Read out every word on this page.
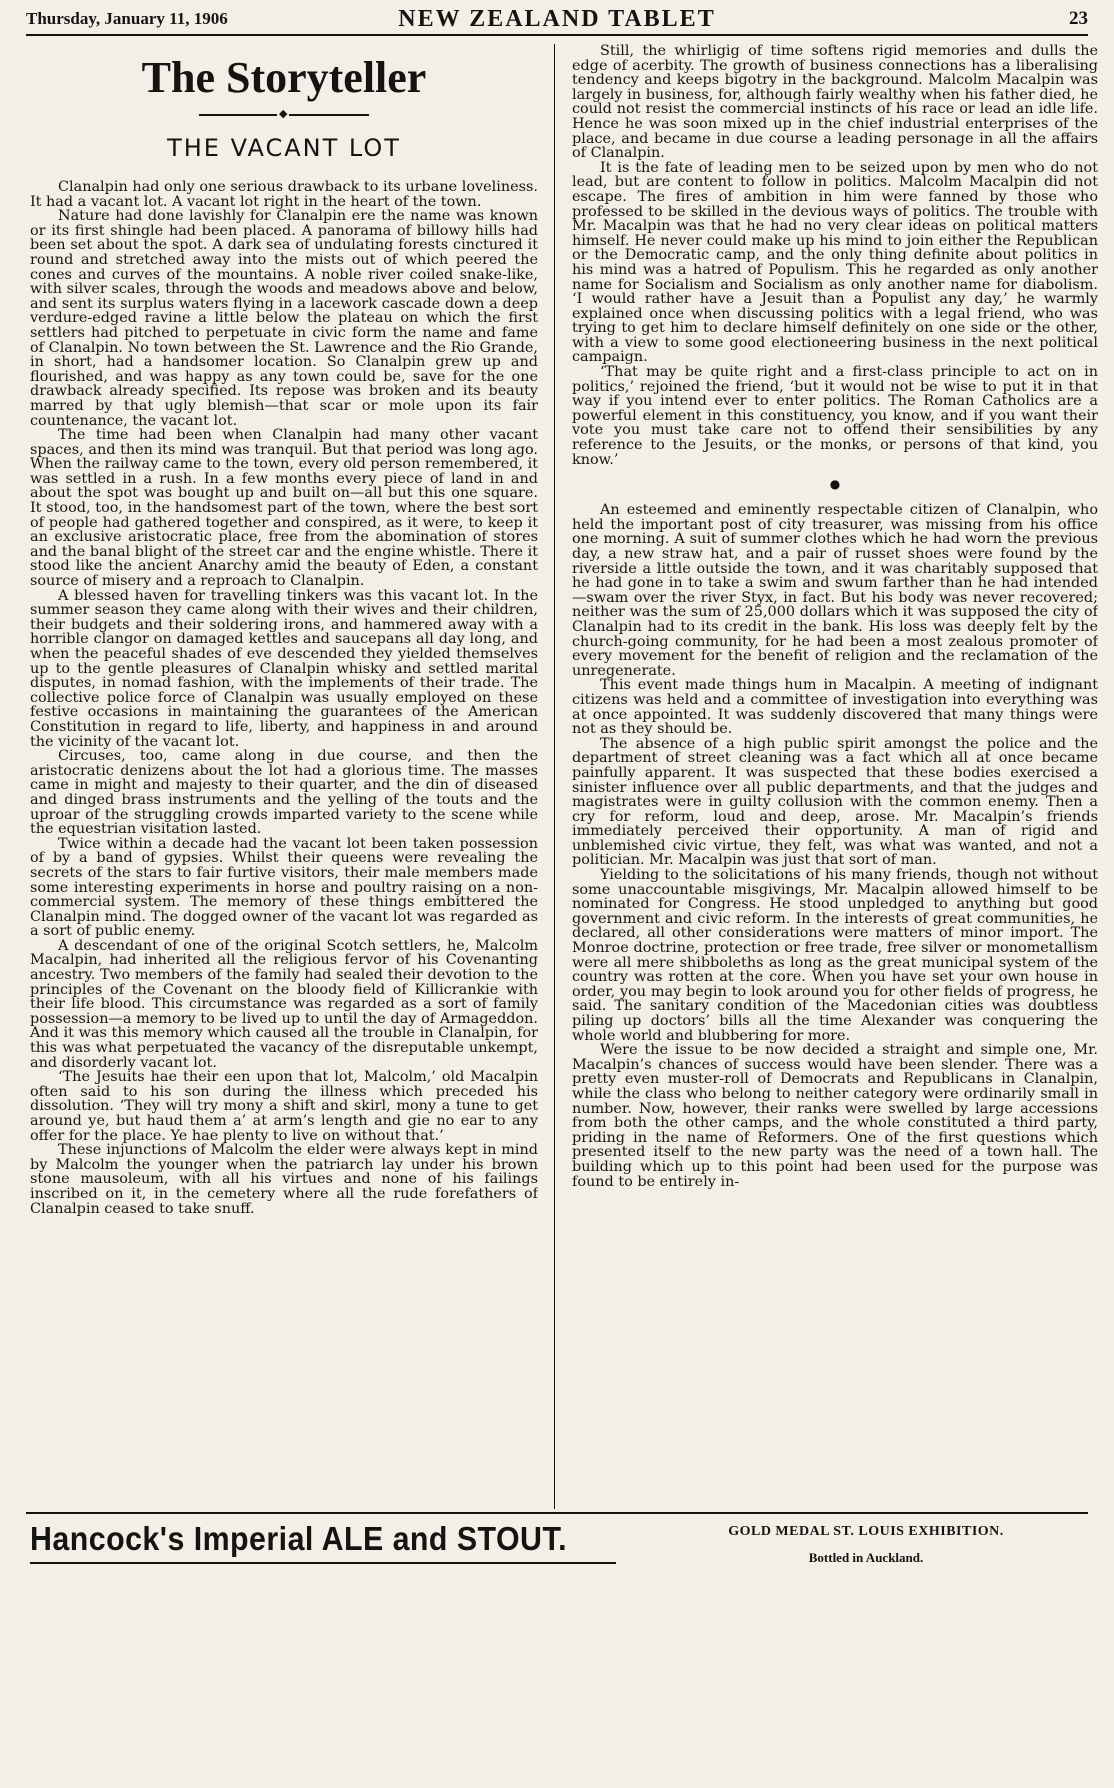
Thursday, January 11, 1906	NEW ZEALAND TABLET	23
The Storyteller
◆
THE VACANT LOT

Clanalpin had only one serious drawback to its urbane loveliness. It had a vacant lot. A vacant lot right in the heart of the town.

Nature had done lavishly for Clanalpin ere the name was known or its first shingle had been placed. A panorama of billowy hills had been set about the spot. A dark sea of undulating forests cinctured it round and stretched away into the mists out of which peered the cones and curves of the mountains. A noble river coiled snake-like, with silver scales, through the woods and meadows above and below, and sent its surplus waters flying in a lacework cascade down a deep verdure-edged ravine a little below the plateau on which the first settlers had pitched to perpetuate in civic form the name and fame of Clanalpin. No town between the St. Lawrence and the Rio Grande, in short, had a handsomer location. So Clanalpin grew up and flourished, and was happy as any town could be, save for the one drawback already specified. Its repose was broken and its beauty marred by that ugly blemish—that scar or mole upon its fair countenance, the vacant lot.

The time had been when Clanalpin had many other vacant spaces, and then its mind was tranquil. But that period was long ago. When the railway came to the town, every old person remembered, it was settled in a rush. In a few months every piece of land in and about the spot was bought up and built on—all but this one square. It stood, too, in the handsomest part of the town, where the best sort of people had gathered together and conspired, as it were, to keep it an exclusive aristocratic place, free from the abomination of stores and the banal blight of the street car and the engine whistle. There it stood like the ancient Anarchy amid the beauty of Eden, a constant source of misery and a reproach to Clanalpin.

A blessed haven for travelling tinkers was this vacant lot. In the summer season they came along with their wives and their children, their budgets and their soldering irons, and hammered away with a horrible clangor on damaged kettles and saucepans all day long, and when the peaceful shades of eve descended they yielded themselves up to the gentle pleasures of Clanalpin whisky and settled marital disputes, in nomad fashion, with the implements of their trade. The collective police force of Clanalpin was usually employed on these festive occasions in maintaining the guarantees of the American Constitution in regard to life, liberty, and happiness in and around the vicinity of the vacant lot.

Circuses, too, came along in due course, and then the aristocratic denizens about the lot had a glorious time. The masses came in might and majesty to their quarter, and the din of diseased and dinged brass instruments and the yelling of the touts and the uproar of the struggling crowds imparted variety to the scene while the equestrian visitation lasted.

Twice within a decade had the vacant lot been taken possession of by a band of gypsies. Whilst their queens were revealing the secrets of the stars to fair furtive visitors, their male members made some interesting experiments in horse and poultry raising on a non-commercial system. The memory of these things embittered the Clanalpin mind. The dogged owner of the vacant lot was regarded as a sort of public enemy.

A descendant of one of the original Scotch settlers, he, Malcolm Macalpin, had inherited all the religious fervor of his Covenanting ancestry. Two members of the family had sealed their devotion to the principles of the Covenant on the bloody field of Killicrankie with their life blood. This circumstance was regarded as a sort of family possession—a memory to be lived up to until the day of Armageddon. And it was this memory which caused all the trouble in Clanalpin, for this was what perpetuated the vacancy of the disreputable unkempt, and disorderly vacant lot.

‘The Jesuits hae their een upon that lot, Malcolm,’ old Macalpin often said to his son during the illness which preceded his dissolution. ‘They will try mony a shift and skirl, mony a tune to get around ye, but haud them a’ at arm’s length and gie no ear to any offer for the place. Ye hae plenty to live on without that.’

These injunctions of Malcolm the elder were always kept in mind by Malcolm the younger when the patriarch lay under his brown stone mausoleum, with all his virtues and none of his failings inscribed on it, in the cemetery where all the rude forefathers of Clanalpin ceased to take snuff.

Still, the whirligig of time softens rigid memories and dulls the edge of acerbity. The growth of business connections has a liberalising tendency and keeps bigotry in the background. Malcolm Macalpin was largely in business, for, although fairly wealthy when his father died, he could not resist the commercial instincts of his race or lead an idle life. Hence he was soon mixed up in the chief industrial enterprises of the place, and became in due course a leading personage in all the affairs of Clanalpin.

It is the fate of leading men to be seized upon by men who do not lead, but are content to follow in politics. Malcolm Macalpin did not escape. The fires of ambition in him were fanned by those who professed to be skilled in the devious ways of politics. The trouble with Mr. Macalpin was that he had no very clear ideas on political matters himself. He never could make up his mind to join either the Republican or the Democratic camp, and the only thing definite about politics in his mind was a hatred of Populism. This he regarded as only another name for Socialism and Socialism as only another name for diabolism. ‘I would rather have a Jesuit than a Populist any day,’ he warmly explained once when discussing politics with a legal friend, who was trying to get him to declare himself definitely on one side or the other, with a view to some good electioneering business in the next political campaign.

‘That may be quite right and a first-class principle to act on in politics,’ rejoined the friend, ‘but it would not be wise to put it in that way if you intend ever to enter politics. The Roman Catholics are a powerful element in this constituency, you know, and if you want their vote you must take care not to offend their sensibilities by any reference to the Jesuits, or the monks, or persons of that kind, you know.’

●

An esteemed and eminently respectable citizen of Clanalpin, who held the important post of city treasurer, was missing from his office one morning. A suit of summer clothes which he had worn the previous day, a new straw hat, and a pair of russet shoes were found by the riverside a little outside the town, and it was charitably supposed that he had gone in to take a swim and swum farther than he had intended—swam over the river Styx, in fact. But his body was never recovered; neither was the sum of 25,000 dollars which it was supposed the city of Clanalpin had to its credit in the bank. His loss was deeply felt by the church-going community, for he had been a most zealous promoter of every movement for the benefit of religion and the reclamation of the unregenerate.

This event made things hum in Macalpin. A meeting of indignant citizens was held and a committee of investigation into everything was at once appointed. It was suddenly discovered that many things were not as they should be.

The absence of a high public spirit amongst the police and the department of street cleaning was a fact which all at once became painfully apparent. It was suspected that these bodies exercised a sinister influence over all public departments, and that the judges and magistrates were in guilty collusion with the common enemy. Then a cry for reform, loud and deep, arose. Mr. Macalpin’s friends immediately perceived their opportunity. A man of rigid and unblemished civic virtue, they felt, was what was wanted, and not a politician. Mr. Macalpin was just that sort of man.

Yielding to the solicitations of his many friends, though not without some unaccountable misgivings, Mr. Macalpin allowed himself to be nominated for Congress. He stood unpledged to anything but good government and civic reform. In the interests of great communities, he declared, all other considerations were matters of minor import. The Monroe doctrine, protection or free trade, free silver or monometallism were all mere shibboleths as long as the great municipal system of the country was rotten at the core. When you have set your own house in order, you may begin to look around you for other fields of progress, he said. The sanitary condition of the Macedonian cities was doubtless piling up doctors’ bills all the time Alexander was conquering the whole world and blubbering for more.

Were the issue to be now decided a straight and simple one, Mr. Macalpin’s chances of success would have been slender. There was a pretty even muster-roll of Democrats and Republicans in Clanalpin, while the class who belong to neither category were ordinarily small in number. Now, however, their ranks were swelled by large accessions from both the other camps, and the whole constituted a third party, priding in the name of Reformers. One of the first questions which presented itself to the new party was the need of a town hall. The building which up to this point had been used for the purpose was found to be entirely in-

Hancock's Imperial ALE and STOUT.	GOLD MEDAL ST. LOUIS EXHIBITION.
Bottled in Auckland.
